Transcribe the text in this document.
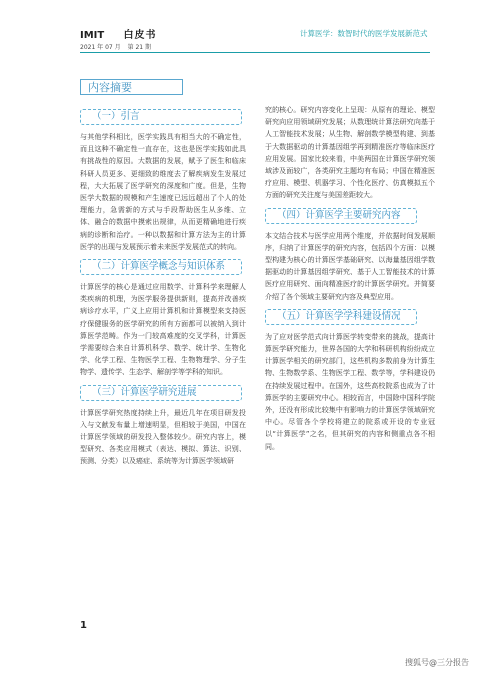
IMIT 白皮书
2021 年 07 月 第 21 期
计算医学：数智时代的医学发展新范式
内容摘要
（一）引言

与其他学科相比，医学实践具有相当大的不确定性，而且这种不确定性一直存在，这也是医学实践如此具有挑战性的原因。大数据的发展，赋予了医生和临床科研人员更多、更细致的维度去了解疾病发生发展过程，大大拓展了医学研究的深度和广度。但是，生物医学大数据的规模和产生速度已远远超出了个人的处理能力，急需新的方式与手段帮助医生从多维、立体、融合的数据中摸索出规律，从而更精确地进行疾病的诊断和治疗。一种以数据和计算方法为主的计算医学的出现与发展预示着未来医学发展范式的转向。

（二）计算医学概念与知识体系

计算医学的核心是通过应用数学、计算科学来理解人类疾病的机理，为医学服务提供新则，提高并改善疾病诊疗水平，广义上应用计算机和计算模型来支持医疗保健服务的医学研究的所有方面都可以被纳入到计算医学范畴。作为一门较高难度的交叉学科，计算医学需要综合来自计算机科学、数学、统计学、生物化学、化学工程、生物医学工程、生物物理学、分子生物学、遗传学、生态学、解剖学等学科的知识。

（三）计算医学研究进展

计算医学研究热度持续上升，最近几年在项目研发投入与文献发布量上增速明显，但相较于美国，中国在计算医学领域的研发投入整体较少。研究内容上，模型研究、各类应用模式（表达、模拟、算法、识别、预测、分类）以及癌症、系统等为计算医学领域研

究的核心。研究内容变化上呈现：从原有的理论、模型研究向应用领域研究发展；从数理统计算法研究向基于人工智能技术发展；从生物、解剖数学模型构建、到基于大数据驱动的计算基因组学再到精准医疗等临床医疗应用发展。国家比较来看，中美两国在计算医学研究领域涉及面较广，各类研究主题均有布局；中国在精准医疗应用、模型、机器学习、个性化医疗、仿真模拟五个方面的研究关注度与美国差距较大。

（四）计算医学主要研究内容

本文结合技术与医学应用两个维度，并依据时间发展顺序，归纳了计算医学的研究内容，包括四个方面：以模型构建为核心的计算医学基础研究、以海量基因组学数据驱动的计算基因组学研究、基于人工智能技术的计算医疗应用研究、面向精准医疗的计算医学研究。并简要介绍了各个领域主要研究内容及典型应用。

（五）计算医学学科建设情况

为了应对医学范式向计算医学转变带来的挑战，提高计算医学研究能力，世界各国的大学和科研机构纷纷成立计算医学相关的研究部门，这些机构多数前身为计算生物、生物数学系、生物医学工程、数学等，学科建设仍在持续发展过程中。在国外，这些高校院系也成为了计算医学的主要研究中心。相较而言，中国除中国科学院外，还没有形成比较集中有影响力的计算医学领域研究中心。尽管各个学校将建立的院系或开设的专业冠以“计算医学”之名，但其研究的内容和侧重点各不相同。

1
搜狐号@三分报告
